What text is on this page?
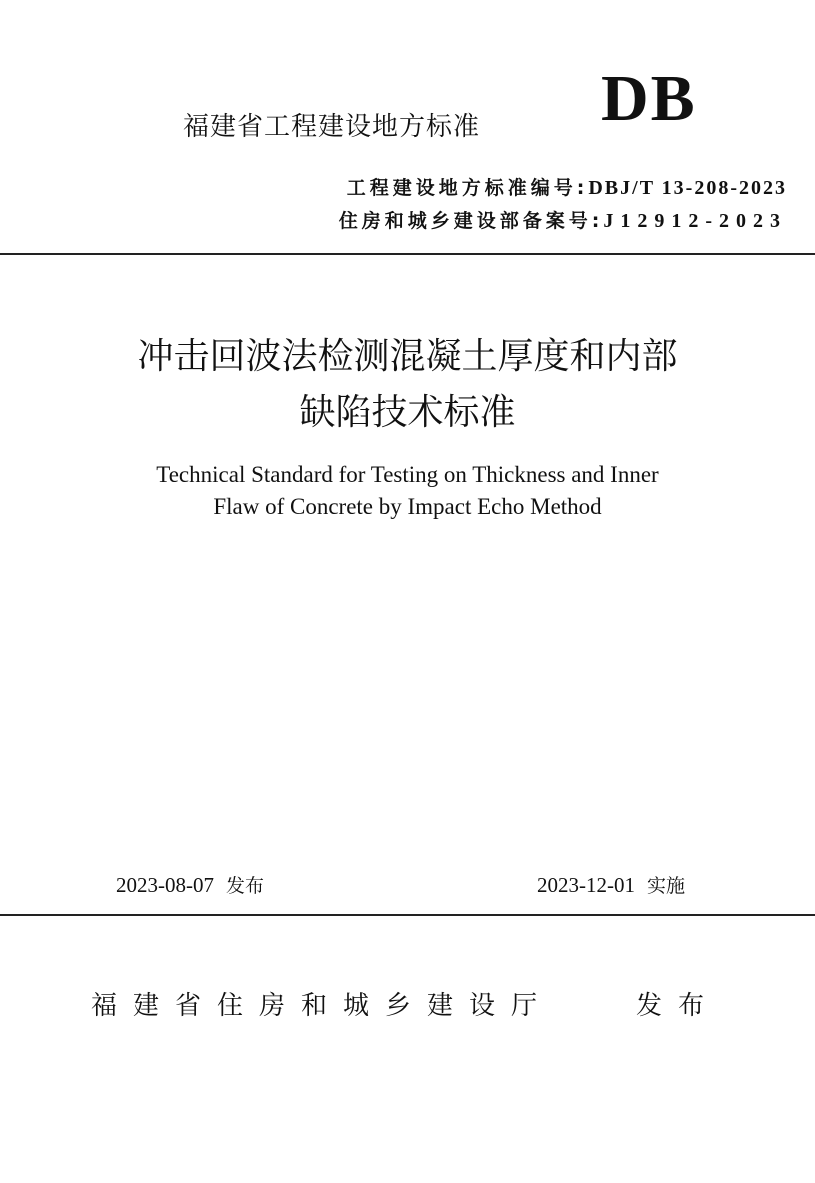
福建省工程建设地方标准 DB
工程建设地方标准编号:DBJ/T 13-208-2023
住房和城乡建设部备案号:J12912-2023
冲击回波法检测混凝土厚度和内部
缺陷技术标准
Technical Standard for Testing on Thickness and Inner
Flaw of Concrete by Impact Echo Method
2023-08-07 发布	2023-12-01 实施
福建省住房和城乡建设厅	发布
